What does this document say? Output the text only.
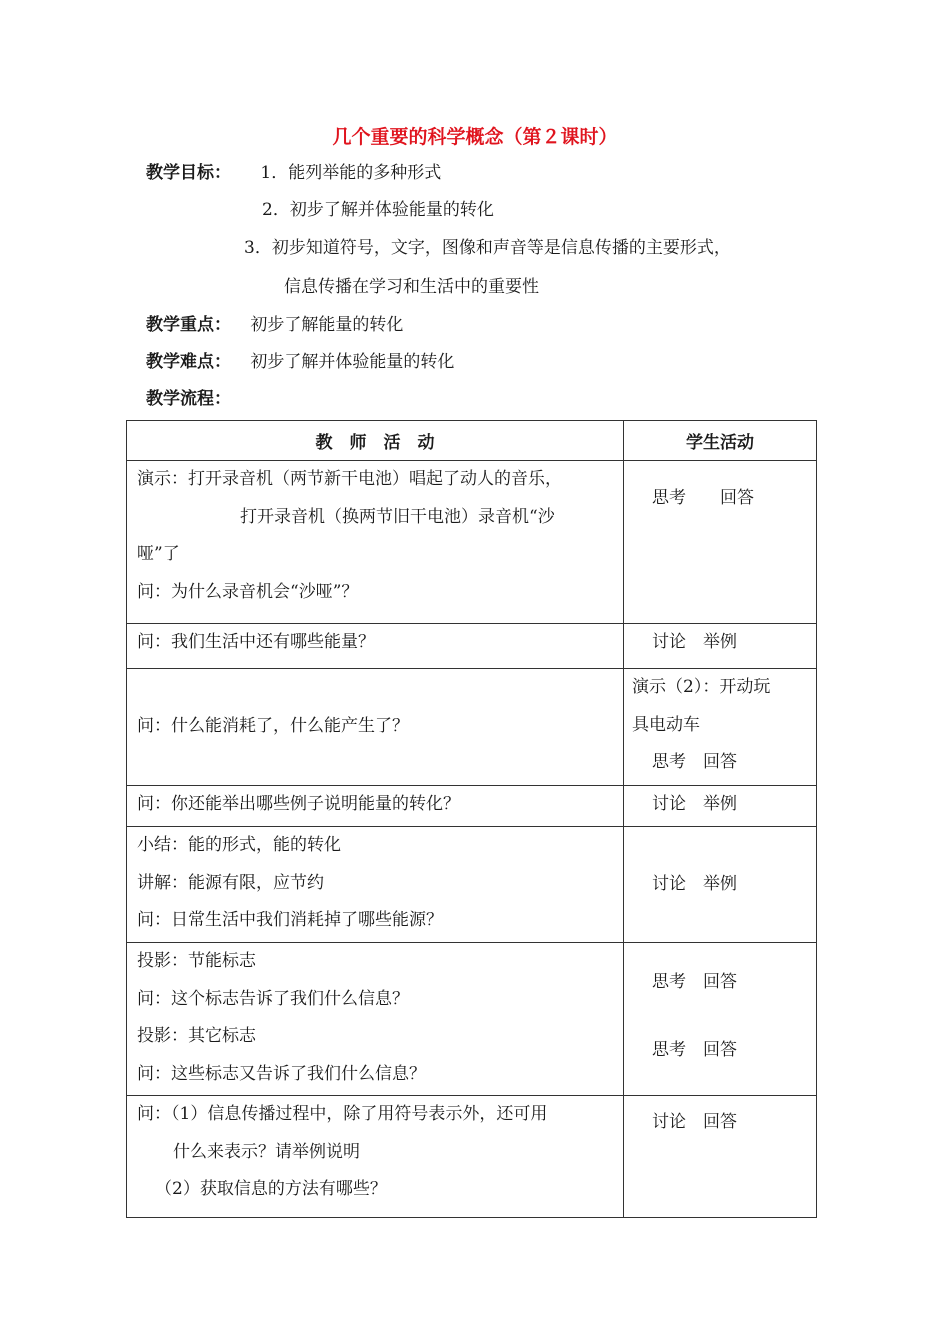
几个重要的科学概念（第２课时）
教学目标： 1．能列举能的多种形式
2．初步了解并体验能量的转化
3．初步知道符号，文字，图像和声音等是信息传播的主要形式，
信息传播在学习和生活中的重要性
教学重点： 初步了解能量的转化
教学难点： 初步了解并体验能量的转化
教学流程：
教　师　活　动	学生活动

演示：打开录音机（两节新干电池）唱起了动人的音乐，
打开录音机（换两节旧干电池）录音机“沙
哑”了
问：为什么录音机会“沙哑”？	思考　　回答

问：我们生活中还有哪些能量？	讨论　举例

问：什么能消耗了，什么能产生了？	演示（2）：开动玩
具电动车
思考　回答

问：你还能举出哪些例子说明能量的转化？	讨论　举例

小结：能的形式，能的转化
讲解：能源有限，应节约
问：日常生活中我们消耗掉了哪些能源？	讨论　举例

投影：节能标志
问：这个标志告诉了我们什么信息？
投影：其它标志
问：这些标志又告诉了我们什么信息？	思考　回答
思考　回答

问：（1）信息传播过程中，除了用符号表示外，还可用
什么来表示？请举例说明
（2）获取信息的方法有哪些？	讨论　回答
